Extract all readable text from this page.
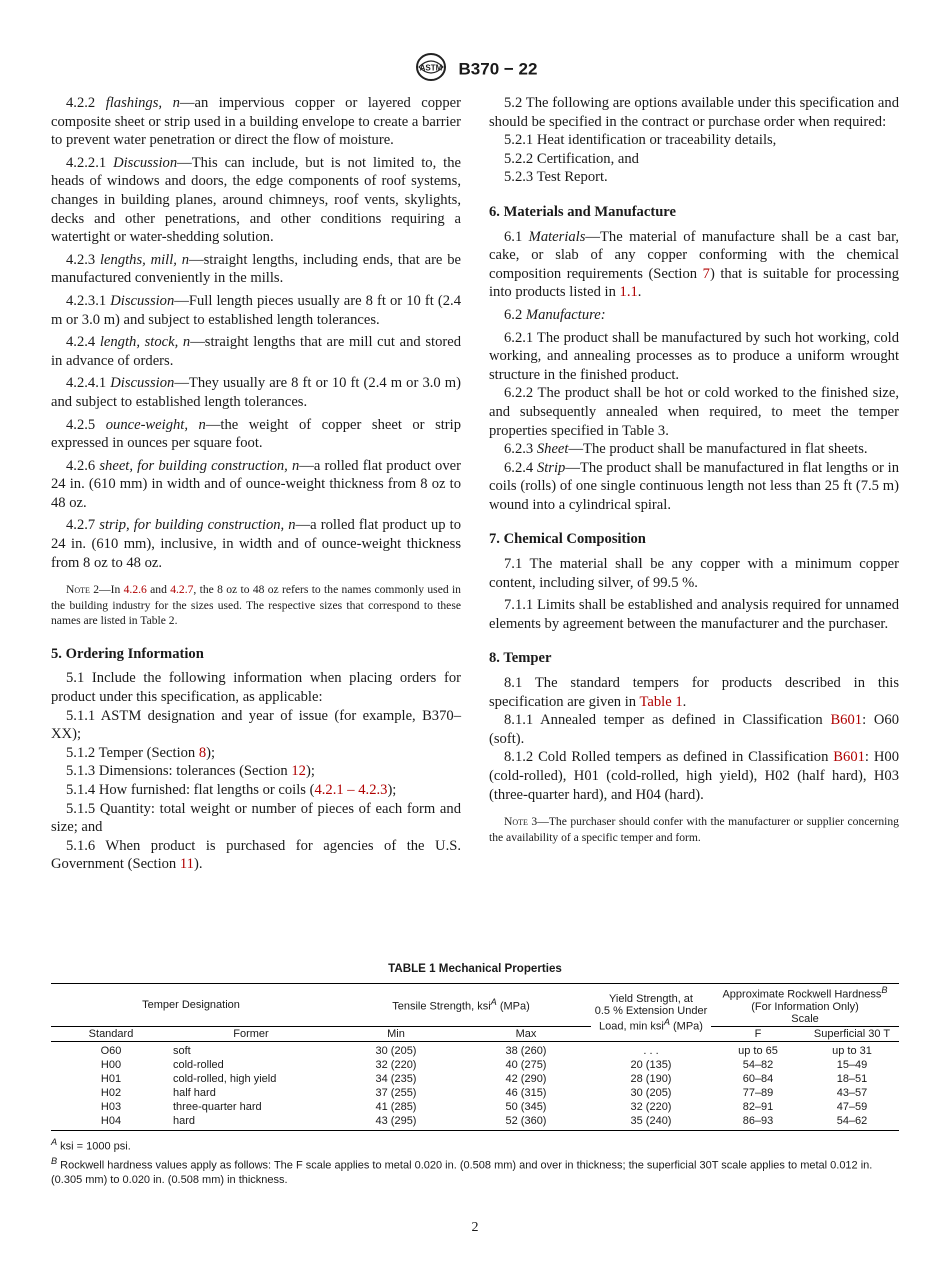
ASTM B370 − 22

4.2.2 flashings, n—an impervious copper or layered copper composite sheet or strip used in a building envelope to create a barrier to prevent water penetration or direct the flow of moisture.

4.2.2.1 Discussion—This can include, but is not limited to, the heads of windows and doors, the edge components of roof systems, changes in building planes, around chimneys, roof vents, skylights, decks and other penetrations, and other conditions requiring a watertight or water-shedding solution.

4.2.3 lengths, mill, n—straight lengths, including ends, that are be manufactured conveniently in the mills.

4.2.3.1 Discussion—Full length pieces usually are 8 ft or 10 ft (2.4 m or 3.0 m) and subject to established length tolerances.

4.2.4 length, stock, n—straight lengths that are mill cut and stored in advance of orders.

4.2.4.1 Discussion—They usually are 8 ft or 10 ft (2.4 m or 3.0 m) and subject to established length tolerances.

4.2.5 ounce-weight, n—the weight of copper sheet or strip expressed in ounces per square foot.

4.2.6 sheet, for building construction, n—a rolled flat product over 24 in. (610 mm) in width and of ounce-weight thickness from 8 oz to 48 oz.

4.2.7 strip, for building construction, n—a rolled flat product up to 24 in. (610 mm), inclusive, in width and of ounce-weight thickness from 8 oz to 48 oz.

Note 2—In 4.2.6 and 4.2.7, the 8 oz to 48 oz refers to the names commonly used in the building industry for the sizes used. The respective sizes that correspond to these names are listed in Table 2.
5. Ordering Information

5.1 Include the following information when placing orders for product under this specification, as applicable:

5.1.1 ASTM designation and year of issue (for example, B370–XX);

5.1.2 Temper (Section 8);

5.1.3 Dimensions: tolerances (Section 12);

5.1.4 How furnished: flat lengths or coils (4.2.1 – 4.2.3);

5.1.5 Quantity: total weight or number of pieces of each form and size; and

5.1.6 When product is purchased for agencies of the U.S. Government (Section 11).

5.2 The following are options available under this specification and should be specified in the contract or purchase order when required:

5.2.1 Heat identification or traceability details,

5.2.2 Certification, and

5.2.3 Test Report.

6. Materials and Manufacture

6.1 Materials—The material of manufacture shall be a cast bar, cake, or slab of any copper conforming with the chemical composition requirements (Section 7) that is suitable for processing into products listed in 1.1.

6.2 Manufacture:

6.2.1 The product shall be manufactured by such hot working, cold working, and annealing processes as to produce a uniform wrought structure in the finished product.

6.2.2 The product shall be hot or cold worked to the finished size, and subsequently annealed when required, to meet the temper properties specified in Table 3.

6.2.3 Sheet—The product shall be manufactured in flat sheets.

6.2.4 Strip—The product shall be manufactured in flat lengths or in coils (rolls) of one single continuous length not less than 25 ft (7.5 m) wound into a cylindrical spiral.

7. Chemical Composition

7.1 The material shall be any copper with a minimum copper content, including silver, of 99.5 %.

7.1.1 Limits shall be established and analysis required for unnamed elements by agreement between the manufacturer and the purchaser.

8. Temper

8.1 The standard tempers for products described in this specification are given in Table 1.

8.1.1 Annealed temper as defined in Classification B601: O60 (soft).

8.1.2 Cold Rolled tempers as defined in Classification B601: H00 (cold-rolled), H01 (cold-rolled, high yield), H02 (half hard), H03 (three-quarter hard), and H04 (hard).

Note 3—The purchaser should confer with the manufacturer or supplier concerning the availability of a specific temper and form.
TABLE 1 Mechanical Properties
Temper Designation		Tensile Strength, ksi$^A$ (MPa)		Yield Strength, at
0.5 % Extension Under
Load, min ksi$^A$ (MPa)	Approximate Rockwell Hardness$^B$
(For Information Only)
Scale	
Standard	Former	Min	Max		F	Superficial 30 T
O60	soft	30 (205)	38 (260)	. . .	up to 65	up to 31
H00	cold-rolled	32 (220)	40 (275)	20 (135)	54–82	15–49
H01	cold-rolled, high yield	34 (235)	42 (290)	28 (190)	60–84	18–51
H02	half hard	37 (255)	46 (315)	30 (205)	77–89	43–57
H03	three-quarter hard	41 (285)	50 (345)	32 (220)	82–91	47–59
H04	hard	43 (295)	52 (360)	35 (240)	86–93	54–62
$^A$ ksi = 1000 psi.
$^B$ Rockwell hardness values apply as follows: The F scale applies to metal 0.020 in. (0.508 mm) and over in thickness; the superficial 30T scale applies to metal 0.012 in. (0.305 mm) to 0.020 in. (0.508 mm) in thickness.
2
